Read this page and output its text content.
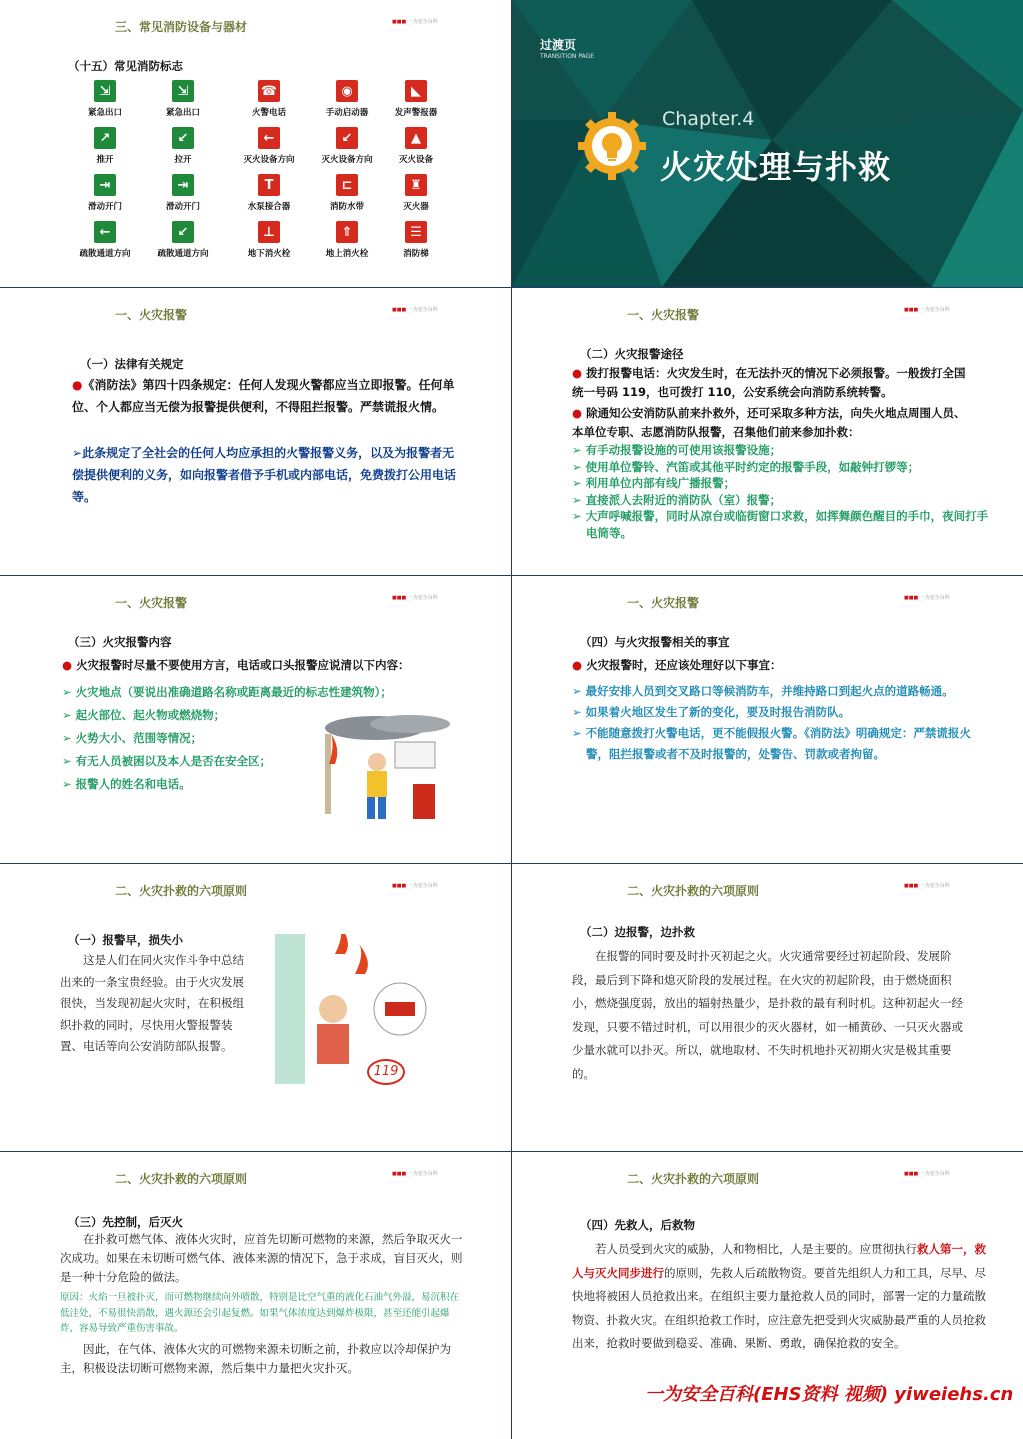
三、常见消防设备与器材	■■■ 一为安全百科
（十五）常见消防标志
⇲
紧急出口
⇲
紧急出口
☎
火警电话
◉
手动启动器
◣
发声警报器
↗
推开
↙
拉开
←
灭火设备方向
↙
灭火设备方向
▲
灭火设备
⇥
滑动开门
⇥
滑动开门
T
水泵接合器
⊏
消防水带
♜
灭火器
←
疏散通道方向
↙
疏散通道方向
⊥
地下消火栓
⇑
地上消火栓
☰
消防梯
过渡页
TRANSITION PAGE
Chapter.4
火灾处理与扑救
一、火灾报警	■■■ 一为安全百科
（一）法律有关规定
●《消防法》第四十四条规定：任何人发现火警都应当立即报警。任何单位、个人都应当无偿为报警提供便利，不得阻拦报警。严禁谎报火情。
➢此条规定了全社会的任何人均应承担的火警报警义务，以及为报警者无偿提供便利的义务，如向报警者借予手机或内部电话，免费拨打公用电话等。
一、火灾报警	■■■ 一为安全百科
（二）火灾报警途径
● 拨打报警电话：火灾发生时，在无法扑灭的情况下必须报警。一般拨打全国统一号码 119，也可拨打 110，公安系统会向消防系统转警。
● 除通知公安消防队前来扑救外，还可采取多种方法，向失火地点周围人员、本单位专职、志愿消防队报警，召集他们前来参加扑救：
➢ 有手动报警设施的可使用该报警设施；
➢ 使用单位警铃、汽笛或其他平时约定的报警手段，如敲钟打锣等；
➢ 利用单位内部有线广播报警；
➢ 直接派人去附近的消防队（室）报警；
➢ 大声呼喊报警，同时从凉台或临街窗口求救，如挥舞颜色醒目的手巾，夜间打手电筒等。
一、火灾报警	■■■ 一为安全百科
（三）火灾报警内容
● 火灾报警时尽量不要使用方言，电话或口头报警应说清以下内容：
➢ 火灾地点（要说出准确道路名称或距离最近的标志性建筑物）；
➢ 起火部位、起火物或燃烧物；
➢ 火势大小、范围等情况；
➢ 有无人员被困以及本人是否在安全区；
➢ 报警人的姓名和电话。
一、火灾报警	■■■ 一为安全百科
（四）与火灾报警相关的事宜
● 火灾报警时，还应该处理好以下事宜：
➢ 最好安排人员到交叉路口等候消防车，并维持路口到起火点的道路畅通。
➢ 如果着火地区发生了新的变化，要及时报告消防队。
➢ 不能随意拨打火警电话，更不能假报火警。《消防法》明确规定：严禁谎报火警，阻拦报警或者不及时报警的，处警告、罚款或者拘留。
二、火灾扑救的六项原则	■■■ 一为安全百科
（一）报警早，损失小
这是人们在同火灾作斗争中总结出来的一条宝贵经验。由于火灾发展很快，当发现初起火灾时，在积极组织扑救的同时，尽快用火警报警装置、电话等向公安消防部队报警。
119
二、火灾扑救的六项原则	■■■ 一为安全百科
（二）边报警，边扑救
在报警的同时要及时扑灭初起之火。火灾通常要经过初起阶段、发展阶段，最后到下降和熄灭阶段的发展过程。在火灾的初起阶段，由于燃烧面积小，燃烧强度弱，放出的辐射热量少，是扑救的最有利时机。这种初起火一经发现，只要不错过时机，可以用很少的灭火器材，如一桶黄砂、一只灭火器或少量水就可以扑灭。所以，就地取材、不失时机地扑灭初期火灾是极其重要的。
二、火灾扑救的六项原则	■■■ 一为安全百科
（三）先控制，后灭火
在扑救可燃气体、液体火灾时，应首先切断可燃物的来源，然后争取灭火一次成功。如果在未切断可燃气体、液体来源的情况下，急于求成，盲目灭火，则是一种十分危险的做法。
原因：火焰一旦被扑灭，而可燃物继续向外喷散，特别是比空气重的液化石油气外溢，易沉积在低洼处，不易很快消散，遇火源还会引起复燃。如果气体浓度达到爆炸极限，甚至还能引起爆炸，容易导致严重伤害事故。
因此，在气体、液体火灾的可燃物来源未切断之前，扑救应以冷却保护为主，积极设法切断可燃物来源，然后集中力量把火灾扑灭。
二、火灾扑救的六项原则	■■■ 一为安全百科
（四）先救人，后救物
若人员受到火灾的威胁，人和物相比，人是主要的。应贯彻执行救人第一，救人与灭火同步进行的原则，先救人后疏散物资。要首先组织人力和工具，尽早、尽快地将被困人员抢救出来。在组织主要力量抢救人员的同时，部署一定的力量疏散物资、扑救火灾。在组织抢救工作时，应注意先把受到火灾威胁最严重的人员抢救出来，抢救时要做到稳妥、准确、果断、勇敢，确保抢救的安全。
一为安全百科(EHS资料 视频) yiweiehs.cn
